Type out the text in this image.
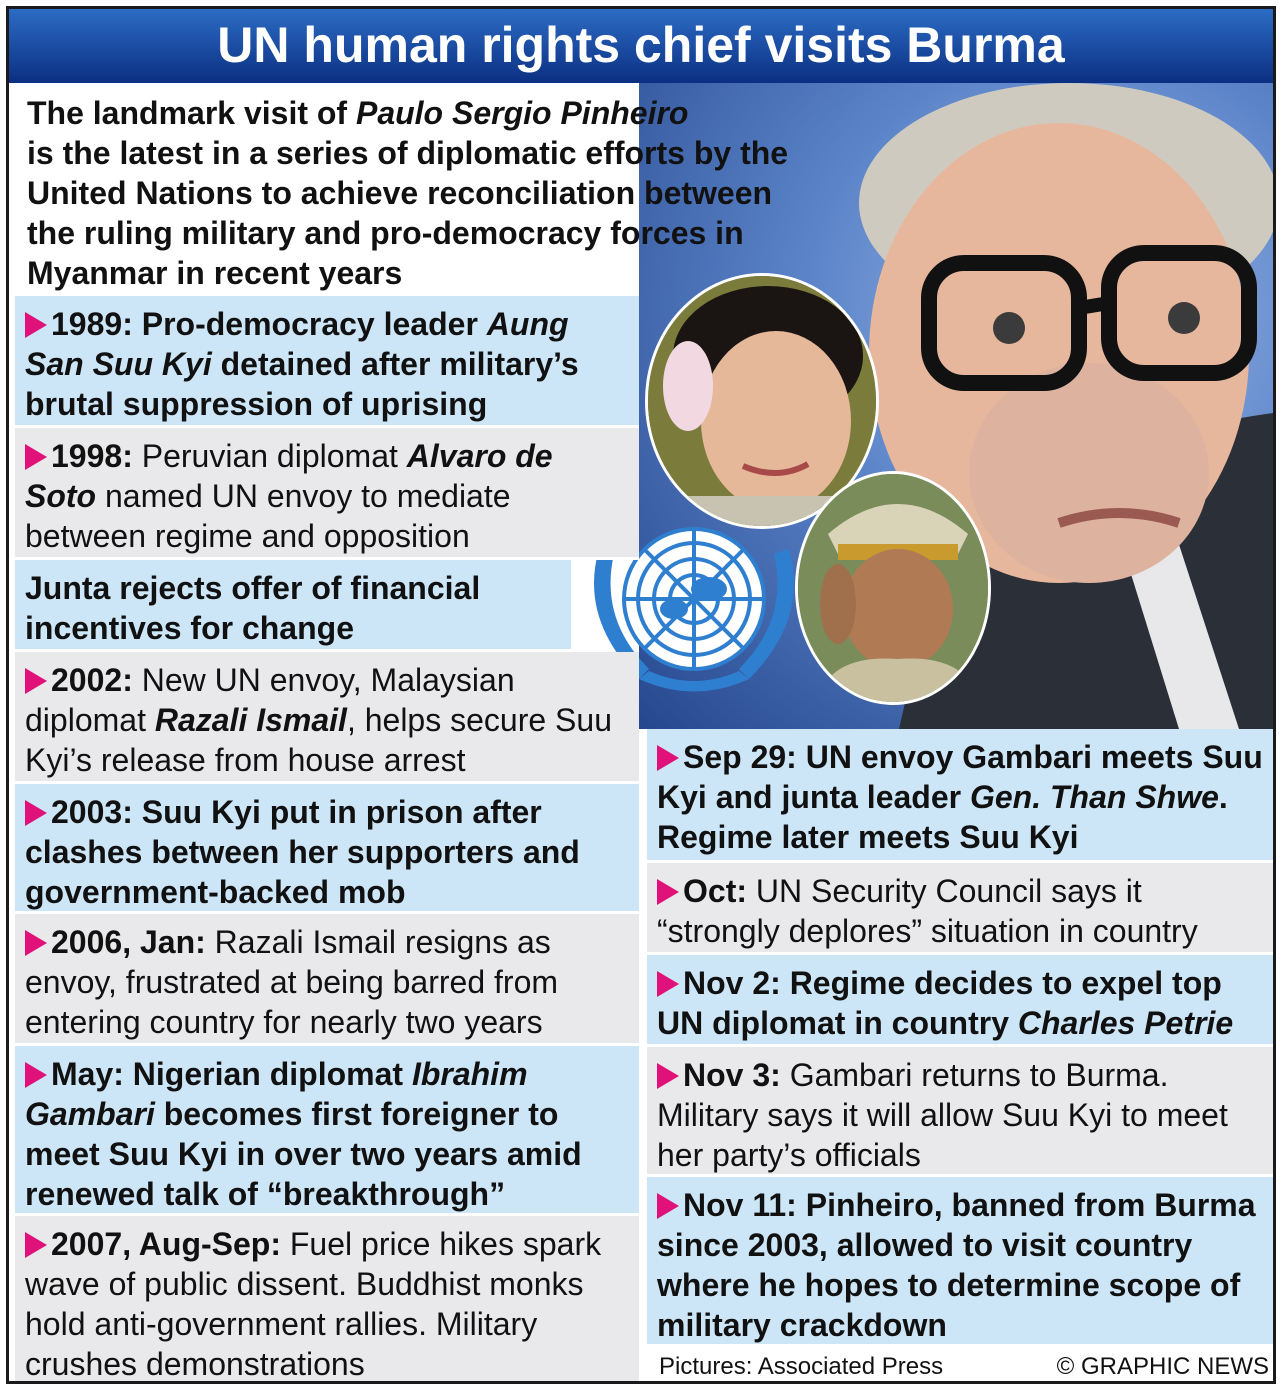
UN human rights chief visits Burma
The landmark visit of Paulo Sergio Pinheiro

is the latest in a series of diplomatic efforts by the United Nations to achieve reconciliation between the ruling military and pro-democracy forces in Myanmar in recent years
1989: Pro-democracy leader Aung San Suu Kyi detained after military’s brutal suppression of uprising
1998: Peruvian diplomat Alvaro de Soto named UN envoy to mediate between regime and opposition
Junta rejects offer of financial incentives for change
2002: New UN envoy, Malaysian diplomat Razali Ismail, helps secure Suu Kyi’s release from house arrest
2003: Suu Kyi put in prison after clashes between her supporters and government-backed mob
2006, Jan: Razali Ismail resigns as envoy, frustrated at being barred from entering country for nearly two years
May: Nigerian diplomat Ibrahim Gambari becomes first foreigner to meet Suu Kyi in over two years amid renewed talk of “breakthrough”
2007, Aug-Sep: Fuel price hikes spark wave of public dissent. Buddhist monks hold anti-government rallies. Military crushes demonstrations
Sep 29: UN envoy Gambari meets Suu Kyi and junta leader Gen. Than Shwe. Regime later meets Suu Kyi
Oct: UN Security Council says it “strongly deplores” situation in country
Nov 2: Regime decides to expel top UN diplomat in country Charles Petrie
Nov 3: Gambari returns to Burma. Military says it will allow Suu Kyi to meet her party’s officials
Nov 11: Pinheiro, banned from Burma since 2003, allowed to visit country where he hopes to determine scope of military crackdown
Pictures: Associated Press	© GRAPHIC NEWS
